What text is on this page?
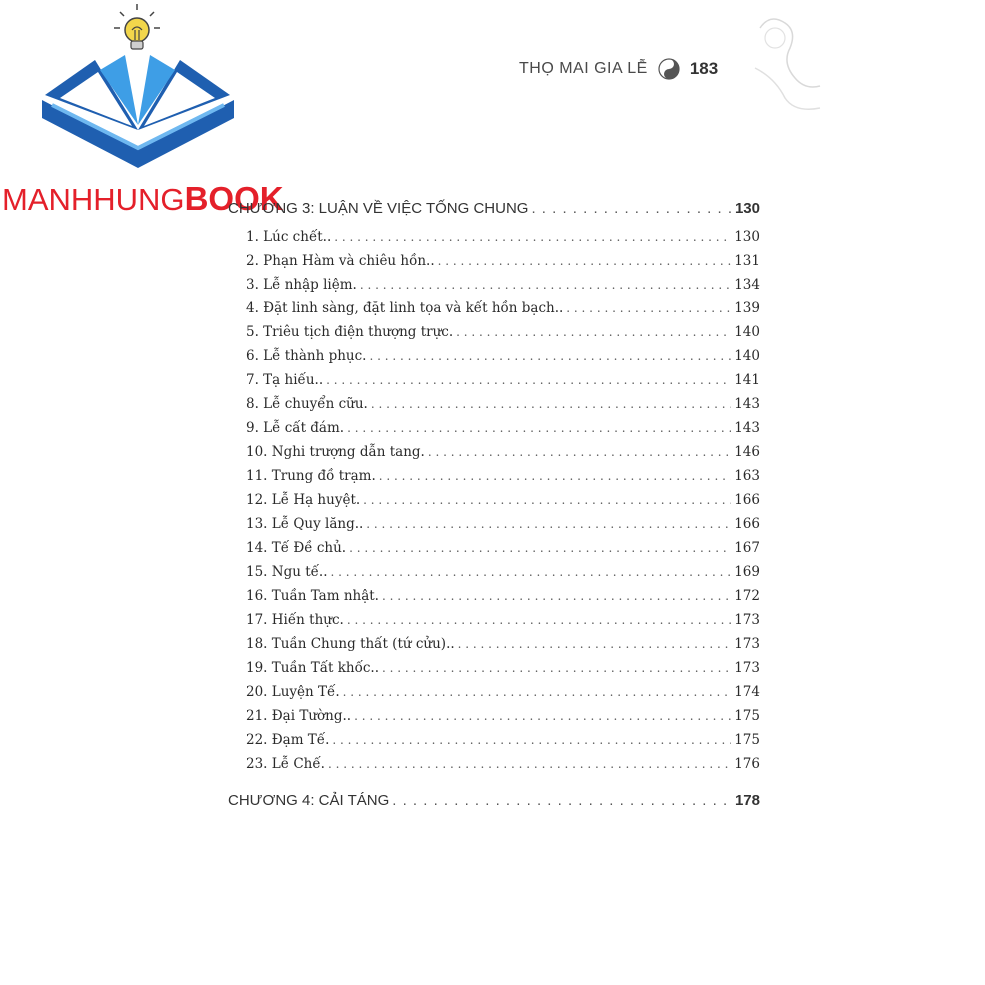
MANHHUNGBOOK
THỌ MAI GIA LỄ 183
CHƯƠNG 3: LUẬN VỀ VIỆC TỐNG CHUNG . . .	130
1. Lúc chết.. . . .	130
2. Phạn Hàm và chiêu hồn.. . . .	131
3. Lễ nhập liệm. . . .	134
4. Đặt linh sàng, đặt linh tọa và kết hồn bạch.. . . .	139
5. Triêu tịch điện thượng trực. . . .	140
6. Lễ thành phục. . . .	140
7. Tạ hiếu.. . . .	141
8. Lễ chuyển cữu. . . .	143
9. Lễ cất đám. . . .	143
10. Nghi trượng dẫn tang. . . .	146
11. Trung đồ trạm. . . .	163
12. Lễ Hạ huyệt. . . .	166
13. Lễ Quy lăng.. . . .	166
14. Tế Đề chủ. . . .	167
15. Ngu tế.. . . .	169
16. Tuần Tam nhật. . . .	172
17. Hiến thực. . . .	173
18. Tuần Chung thất (tứ cửu).. . . .	173
19. Tuần Tất khốc.. . . .	173
20. Luyện Tế. . . .	174
21. Đại Tường.. . . .	175
22. Đạm Tế. . . .	175
23. Lễ Chế. . . .	176
CHƯƠNG 4: CẢI TÁNG . . .	178
